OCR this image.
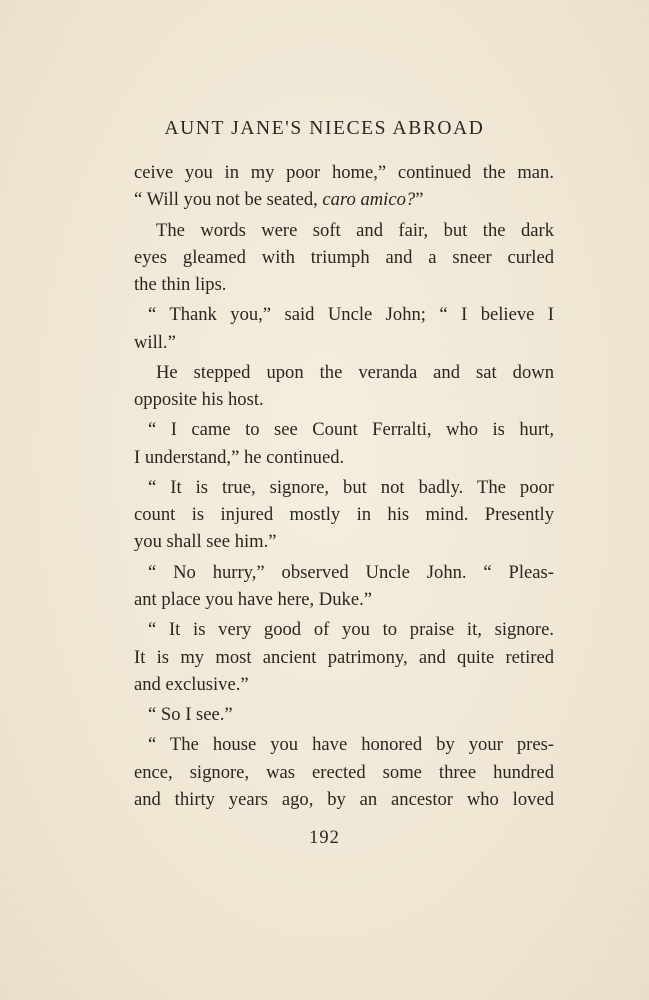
AUNT JANE'S NIECES ABROAD
ceive you in my poor home,” continued the man.
“ Will you not be seated, caro amico?”
The words were soft and fair, but the dark
eyes gleamed with triumph and a sneer curled
the thin lips.
“ Thank you,” said Uncle John; “ I believe I
will.”
He stepped upon the veranda and sat down
opposite his host.
“ I came to see Count Ferralti, who is hurt,
I understand,” he continued.
“ It is true, signore, but not badly. The poor
count is injured mostly in his mind. Presently
you shall see him.”
“ No hurry,” observed Uncle John. “ Pleas-
ant place you have here, Duke.”
“ It is very good of you to praise it, signore.
It is my most ancient patrimony, and quite retired
and exclusive.”
“ So I see.”
“ The house you have honored by your pres-
ence, signore, was erected some three hundred
and thirty years ago, by an ancestor who loved
192
